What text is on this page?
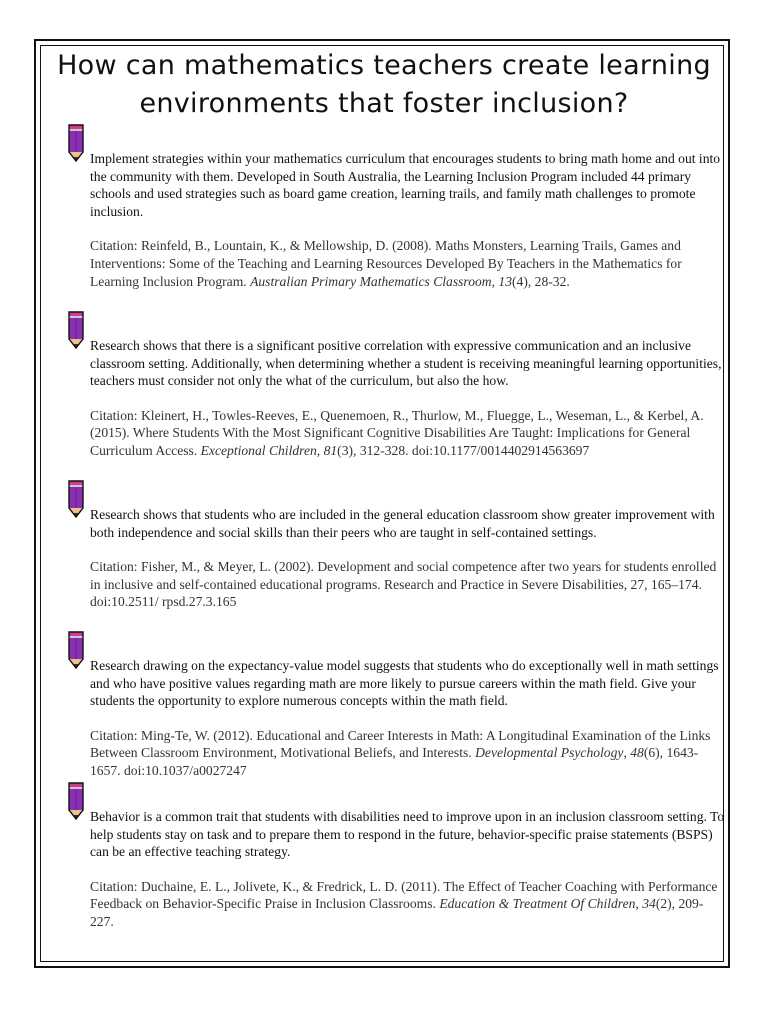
How can mathematics teachers create learning environments that foster inclusion?

Implement strategies within your mathematics curriculum that encourages students to bring math home and out into the community with them. Developed in South Australia, the Learning Inclusion Program included 44 primary schools and used strategies such as board game creation, learning trails, and family math challenges to promote inclusion.

Citation: Reinfeld, B., Lountain, K., & Mellowship, D. (2008). Maths Monsters, Learning Trails, Games and Interventions: Some of the Teaching and Learning Resources Developed By Teachers in the Mathematics for Learning Inclusion Program. Australian Primary Mathematics Classroom, 13(4), 28-32.

Research shows that there is a significant positive correlation with expressive communication and an inclusive classroom setting. Additionally, when determining whether a student is receiving meaningful learning opportunities, teachers must consider not only the what of the curriculum, but also the how.

Citation: Kleinert, H., Towles-Reeves, E., Quenemoen, R., Thurlow, M., Fluegge, L., Weseman, L., & Kerbel, A. (2015). Where Students With the Most Significant Cognitive Disabilities Are Taught: Implications for General Curriculum Access. Exceptional Children, 81(3), 312-328. doi:10.1177/0014402914563697

Research shows that students who are included in the general education classroom show greater improvement with both independence and social skills than their peers who are taught in self-contained settings.

Citation: Fisher, M., & Meyer, L. (2002). Development and social competence after two years for students enrolled in inclusive and self-contained educational programs. Research and Practice in Severe Disabilities, 27, 165–174. doi:10.2511/ rpsd.27.3.165

Research drawing on the expectancy-value model suggests that students who do exceptionally well in math settings and who have positive values regarding math are more likely to pursue careers within the math field. Give your students the opportunity to explore numerous concepts within the math field.

Citation: Ming-Te, W. (2012). Educational and Career Interests in Math: A Longitudinal Examination of the Links Between Classroom Environment, Motivational Beliefs, and Interests. Developmental Psychology, 48(6), 1643-1657. doi:10.1037/a0027247

Behavior is a common trait that students with disabilities need to improve upon in an inclusion classroom setting. To help students stay on task and to prepare them to respond in the future, behavior-specific praise statements (BSPS) can be an effective teaching strategy.

Citation: Duchaine, E. L., Jolivete, K., & Fredrick, L. D. (2011). The Effect of Teacher Coaching with Performance Feedback on Behavior-Specific Praise in Inclusion Classrooms. Education & Treatment Of Children, 34(2), 209-227.
